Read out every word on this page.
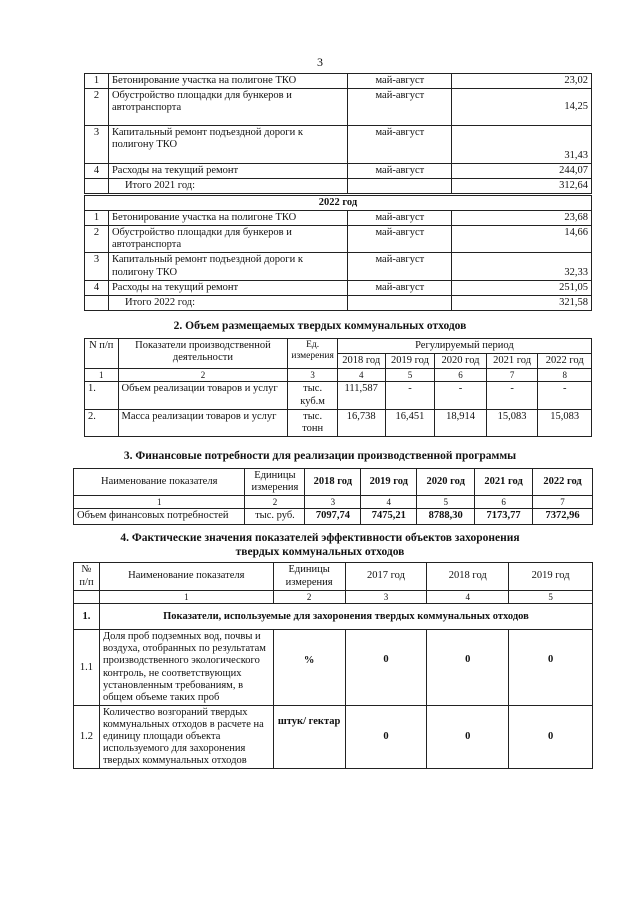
3
1	Бетонирование участка на полигоне ТКО	май-август	23,02
2	Обустройство площадки для бункеров и автотранспорта	май-август	14,25
3	Капитальный ремонт подъездной дороги к полигону ТКО	май-август	31,43
4	Расходы на текущий ремонт	май-август	244,07
	Итого 2021 год:		312,64
2022 год			
1	Бетонирование участка на полигоне ТКО	май-август	23,68
2	Обустройство площадки для бункеров и автотранспорта	май-август	14,66
3	Капитальный ремонт подъездной дороги к полигону ТКО	май-август	32,33
4	Расходы на текущий ремонт	май-август	251,05
	Итого 2022 год:		321,58
2. Объем размещаемых твердых коммунальных отходов
N п/п	Показатели производственной деятельности	Ед. измерения	Регулируемый период				
			2018 год	2019 год	2020 год	2021 год	2022 год
1	2	3	4	5	6	7	8
1.	Объем реализации товаров и услуг	тыс. куб.м	111,587	-	-	-	-
2.	Масса реализации товаров и услуг	тыс. тонн	16,738	16,451	18,914	15,083	15,083
3. Финансовые потребности для реализации производственной программы
Наименование показателя	Единицы измерения	2018 год	2019 год	2020 год	2021 год	2022 год
1	2	3	4	5	6	7
Объем финансовых потребностей	тыс. руб.	7097,74	7475,21	8788,30	7173,77	7372,96
4. Фактические значения показателей эффективности объектов захоронения твердых коммунальных отходов
№ п/п	Наименование показателя	Единицы измерения	2017 год	2018 год	2019 год
	1	2	3	4	5
1.	Показатели, используемые для захоронения твердых коммунальных отходов				
1.1	Доля проб подземных вод, почвы и воздуха, отобранных по результатам производственного экологического контроль, не соответствующих установленным требованиям, в общем объеме таких проб	%	0	0	0
1.2	Количество возгораний твердых коммунальных отходов в расчете на единицу площади объекта используемого для захоронения твердых коммунальных отходов	штук/ гектар	0	0	0
